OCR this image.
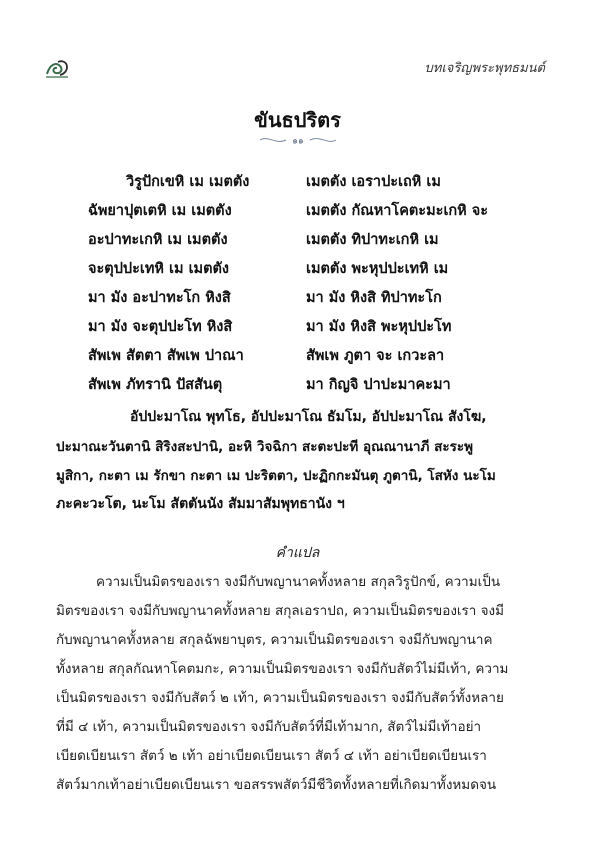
บทเจริญพระพุทธมนต์
ขันธปริตร
๑๑
วิรูปักเขหิ เม เมตตัง	เมตตัง เอราปะเถหิ เม
ฉัพยาปุตเตหิ เม เมตตัง	เมตตัง กัณหาโคตะมะเกหิ จะ
อะปาทะเกหิ เม เมตตัง	เมตตัง ทิปาทะเกหิ เม
จะตุปปะเทหิ เม เมตตัง	เมตตัง พะหุปปะเทหิ เม
มา มัง อะปาทะโก หิงสิ	มา มัง หิงสิ ทิปาทะโก
มา มัง จะตุปปะโท หิงสิ	มา มัง หิงสิ พะหุปปะโท
สัพเพ สัตตา สัพเพ ปาณา	สัพเพ ภูตา จะ เกวะลา
สัพเพ ภัทรานิ ปัสสันตุ	มา กิญจิ ปาปะมาคะมา
อัปปะมาโณ พุทโธ, อัปปะมาโณ ธัมโม, อัปปะมาโณ สังโฆ,
ปะมาณะวันตานิ สิริงสะปานิ, อะหิ วิจฉิกา สะตะปะที อุณณานาภี สะระพู
มูสิกา, กะตา เม รักขา กะตา เม ปะริตตา, ปะฏิกกะมันตุ ภูตานิ, โสหัง นะโม
ภะคะวะโต, นะโม สัตตันนัง สัมมาสัมพุทธานัง ฯ
คำแปล
ความเป็นมิตรของเรา จงมีกับพญานาคทั้งหลาย สกุลวิรูปักข์, ความเป็น
มิตรของเรา จงมีกับพญานาคทั้งหลาย สกุลเอราปถ, ความเป็นมิตรของเรา จงมี
กับพญานาคทั้งหลาย สกุลฉัพยาบุตร, ความเป็นมิตรของเรา จงมีกับพญานาค
ทั้งหลาย สกุลกัณหาโคตมกะ, ความเป็นมิตรของเรา จงมีกับสัตว์ไม่มีเท้า, ความ
เป็นมิตรของเรา จงมีกับสัตว์ ๒ เท้า, ความเป็นมิตรของเรา จงมีกับสัตว์ทั้งหลาย
ที่มี ๔ เท้า, ความเป็นมิตรของเรา จงมีกับสัตว์ที่มีเท้ามาก, สัตว์ไม่มีเท้าอย่า
เบียดเบียนเรา สัตว์ ๒ เท้า อย่าเบียดเบียนเรา สัตว์ ๔ เท้า อย่าเบียดเบียนเรา
สัตว์มากเท้าอย่าเบียดเบียนเรา ขอสรรพสัตว์มีชีวิตทั้งหลายที่เกิดมาทั้งหมดจน
